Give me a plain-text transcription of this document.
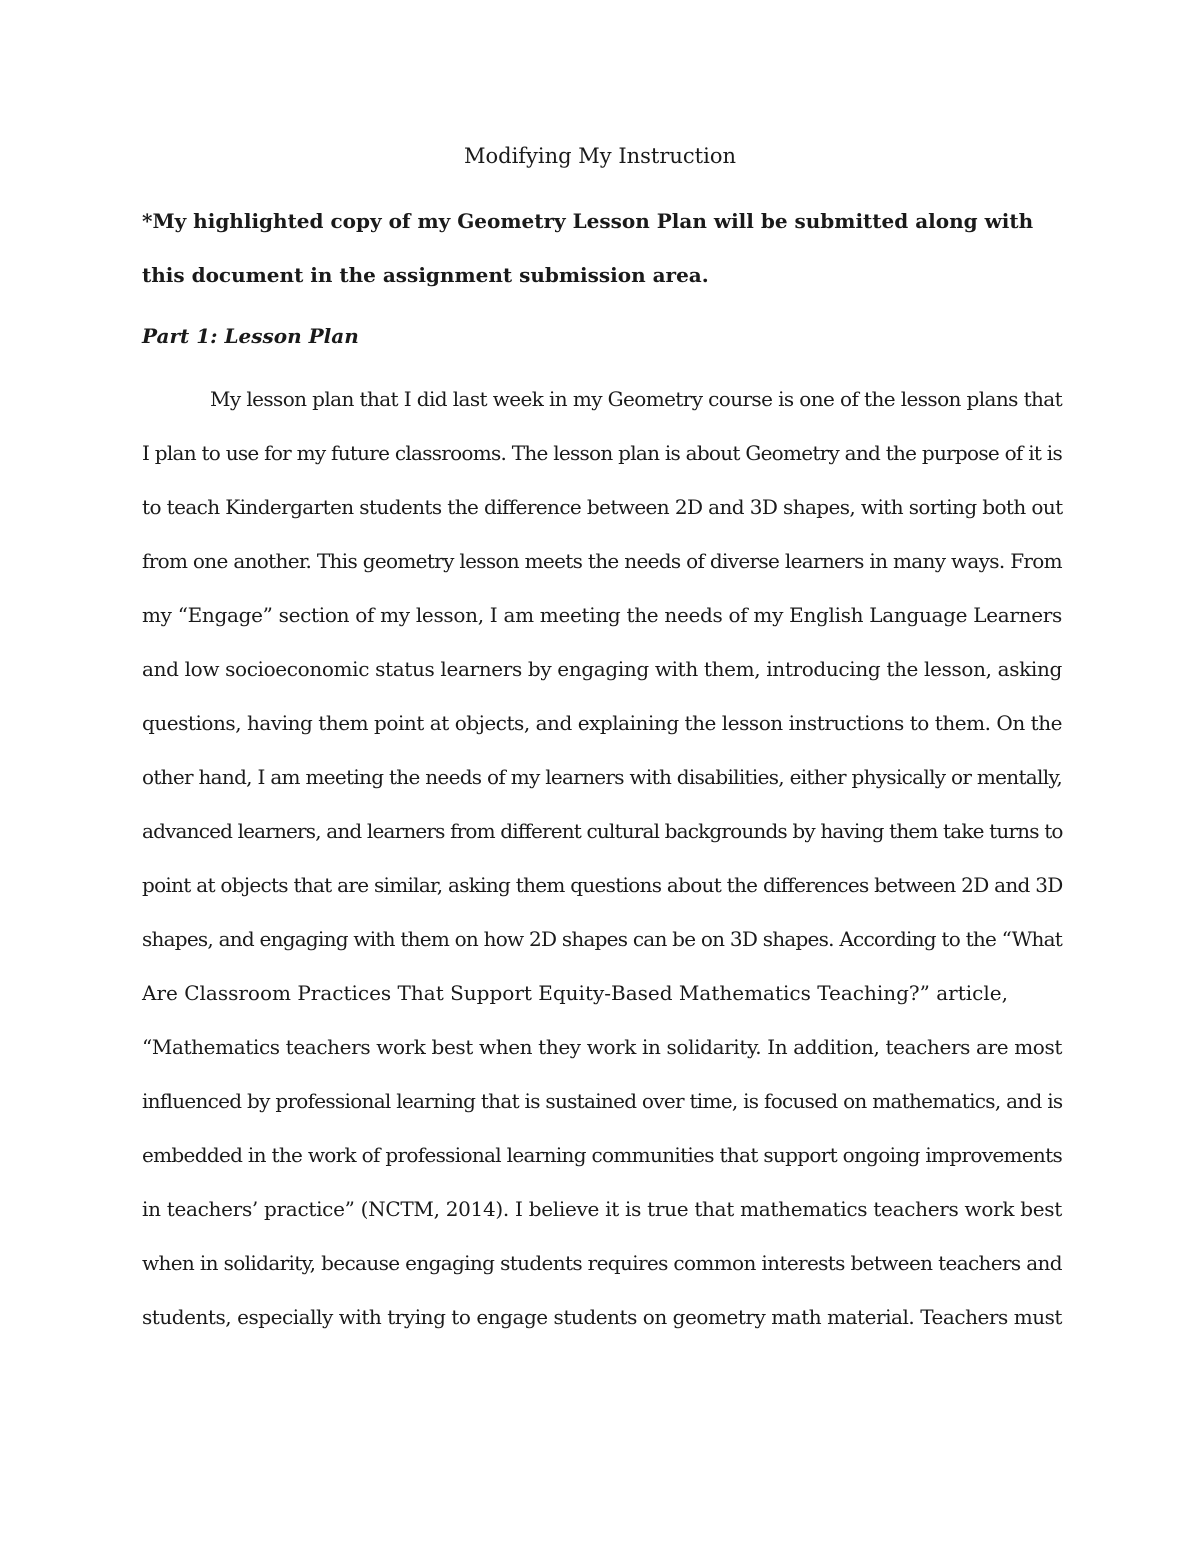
Modifying My Instruction

*My highlighted copy of my Geometry Lesson Plan will be submitted along with this document in the assignment submission area.

Part 1: Lesson Plan
My lesson plan that I did last week in my Geometry course is one of the lesson plans that
I plan to use for my future classrooms. The lesson plan is about Geometry and the purpose of it is
to teach Kindergarten students the difference between 2D and 3D shapes, with sorting both out
from one another. This geometry lesson meets the needs of diverse learners in many ways. From
my “Engage” section of my lesson, I am meeting the needs of my English Language Learners
and low socioeconomic status learners by engaging with them, introducing the lesson, asking
questions, having them point at objects, and explaining the lesson instructions to them. On the
other hand, I am meeting the needs of my learners with disabilities, either physically or mentally,
advanced learners, and learners from different cultural backgrounds by having them take turns to
point at objects that are similar, asking them questions about the differences between 2D and 3D
shapes, and engaging with them on how 2D shapes can be on 3D shapes. According to the “What
Are Classroom Practices That Support Equity-Based Mathematics Teaching?” article,
“Mathematics teachers work best when they work in solidarity. In addition, teachers are most
influenced by professional learning that is sustained over time, is focused on mathematics, and is
embedded in the work of professional learning communities that support ongoing improvements
in teachers’ practice” (NCTM, 2014). I believe it is true that mathematics teachers work best
when in solidarity, because engaging students requires common interests between teachers and
students, especially with trying to engage students on geometry math material. Teachers must
